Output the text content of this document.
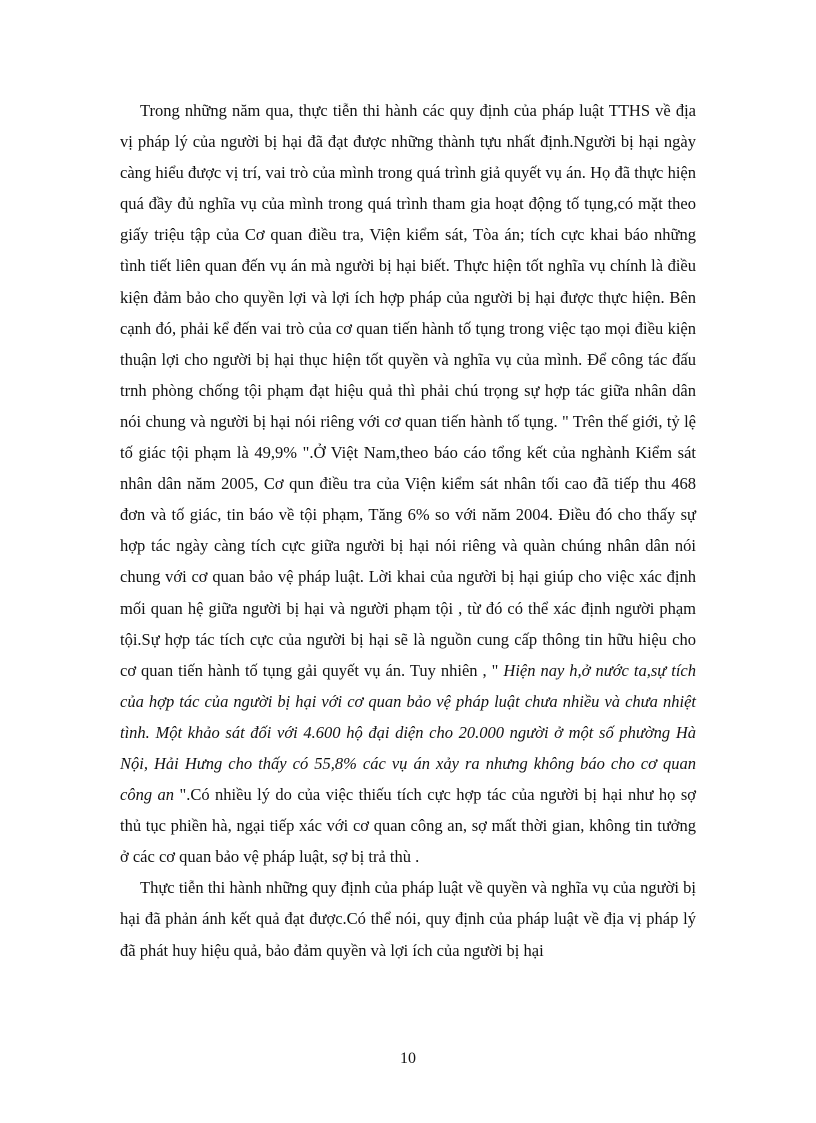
Trong những năm qua, thực tiễn thi hành các quy định của pháp luật TTHS về địa vị pháp lý của người bị hại đã đạt được những thành tựu nhất định.Người bị hại ngày càng hiểu được vị trí, vai trò của mình trong quá trình giả quyết vụ án. Họ đã thực hiện quá đầy đủ nghĩa vụ của mình trong quá trình tham gia hoạt động tố tụng,có mặt theo giấy triệu tập của Cơ quan điều tra, Viện kiểm sát, Tòa án; tích cực khai báo những tình tiết liên quan đến vụ án mà người bị hại biết. Thực hiện tốt nghĩa vụ chính là điều kiện đảm bảo cho quyền lợi và lợi ích hợp pháp của người bị hại được thực hiện. Bên cạnh đó, phải kể đến vai trò của cơ quan tiến hành tố tụng trong việc tạo mọi điều kiện thuận lợi cho người bị hại thục hiện tốt quyền và nghĩa vụ của mình. Để công tác đấu trnh phòng chống tội phạm đạt hiệu quả thì phải chú trọng sự hợp tác giữa nhân dân nói chung và người bị hại nói riêng với cơ quan tiến hành tố tụng. " Trên thế giới, tỷ lệ tố giác tội phạm là 49,9% ".Ở Việt Nam,theo báo cáo tổng kết của nghành Kiểm sát nhân dân năm 2005, Cơ qun điều tra của Viện kiểm sát nhân tối cao đã tiếp thu 468 đơn và tố giác, tin báo về tội phạm, Tăng 6% so với năm 2004. Điều đó cho thấy sự hợp tác ngày càng tích cực giữa người bị hại nói riêng và quàn chúng nhân dân nói chung với cơ quan bảo vệ pháp luật. Lời khai của người bị hại giúp cho việc xác định mối quan hệ giữa người bị hại và người phạm tội , từ đó có thể xác định người phạm tội.Sự hợp tác tích cực của người bị hại sẽ là nguồn cung cấp thông tin hữu hiệu cho cơ quan tiến hành tố tụng gải quyết vụ án. Tuy nhiên , " Hiện nay h,ở nước ta,sự tích của hợp tác của người bị hại với cơ quan bảo vệ pháp luật chưa nhiều và chưa nhiệt tình. Một khảo sát đối với 4.600 hộ đại diện cho 20.000 người ở một số phường Hà Nội, Hải Hưng cho thấy có 55,8% các vụ án xảy ra nhưng không báo cho cơ quan công an ".Có nhiều lý do của việc thiếu tích cực hợp tác của người bị hại như họ sợ thủ tục phiền hà, ngại tiếp xác với cơ quan công an, sợ mất thời gian, không tin tưởng ở các cơ quan bảo vệ pháp luật, sợ bị trả thù .

Thực tiễn thi hành những quy định của pháp luật về quyền và nghĩa vụ của người bị hại đã phản ánh kết quả đạt được.Có thể nói, quy định của pháp luật về địa vị pháp lý đã phát huy hiệu quả, bảo đảm quyền và lợi ích của người bị hại

10
